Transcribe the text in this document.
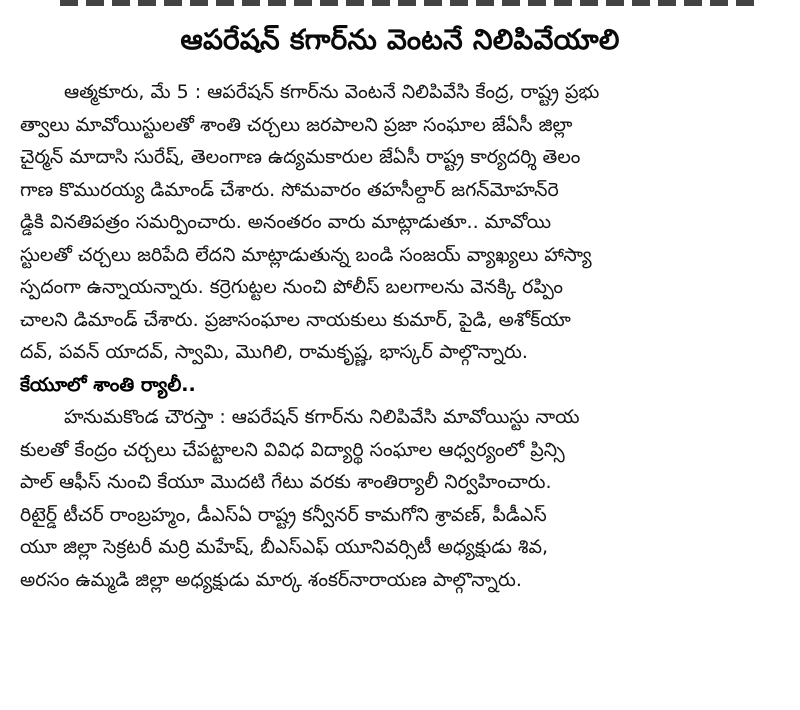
ఆపరేషన్ కగార్‌ను వెంటనే నిలిపివేయాలి
ఆత్మకూరు, మే 5 : ఆపరేషన్ కగార్‌ను వెంటనే నిలిపివేసి కేంద్ర, రాష్ట్ర ప్రభు
త్వాలు మావోయిస్టులతో శాంతి చర్చలు జరపాలని ప్రజా సంఘాల జేఏసీ జిల్లా
చైర్మన్ మాదాసి సురేష్, తెలంగాణ ఉద్యమకారుల జేఏసీ రాష్ట్ర కార్యదర్శి తెలం
గాణ కొమురయ్య డిమాండ్ చేశారు. సోమవారం తహసీల్దార్ జగన్‌మోహన్‌రె
డ్డికి వినతిపత్రం సమర్పించారు. అనంతరం వారు మాట్లాడుతూ.. మావోయి
స్టులతో చర్చలు జరిపేది లేదని మాట్లాడుతున్న బండి సంజయ్ వ్యాఖ్యలు హాస్యా
స్పదంగా ఉన్నాయన్నారు. కర్రెగుట్టల నుంచి పోలీస్ బలగాలను వెనక్కి రప్పిం
చాలని డిమాండ్ చేశారు. ప్రజాసంఘాల నాయకులు కుమార్, పైడి, అశోక్‌యా
దవ్, పవన్ యాదవ్, స్వామి, మొగిలి, రామకృష్ణ, భాస్కర్ పాల్గొన్నారు.
కేయూలో శాంతి ర్యాలీ..
హనుమకొండ చౌరస్తా : ఆపరేషన్ కగార్‌ను నిలిపివేసి మావోయిస్టు నాయ
కులతో కేంద్రం చర్చలు చేపట్టాలని వివిధ విద్యార్థి సంఘాల ఆధ్వర్యంలో ప్రిన్సి
పాల్ ఆఫీస్ నుంచి కేయూ మొదటి గేటు వరకు శాంతిర్యాలీ నిర్వహించారు.
రిటైర్డ్ టీచర్ రాంబ్రహ్మం, డీఎస్‌ఏ రాష్ట్ర కన్వీనర్ కామగోని శ్రావణ్, పీడీఎస్
యూ జిల్లా సెక్రటరీ మర్రి మహేష్, బీఎస్ఎఫ్ యూనివర్సిటీ అధ్యక్షుడు శివ,
అరసం ఉమ్మడి జిల్లా అధ్యక్షుడు మార్క శంకర్‌నారాయణ పాల్గొన్నారు.
